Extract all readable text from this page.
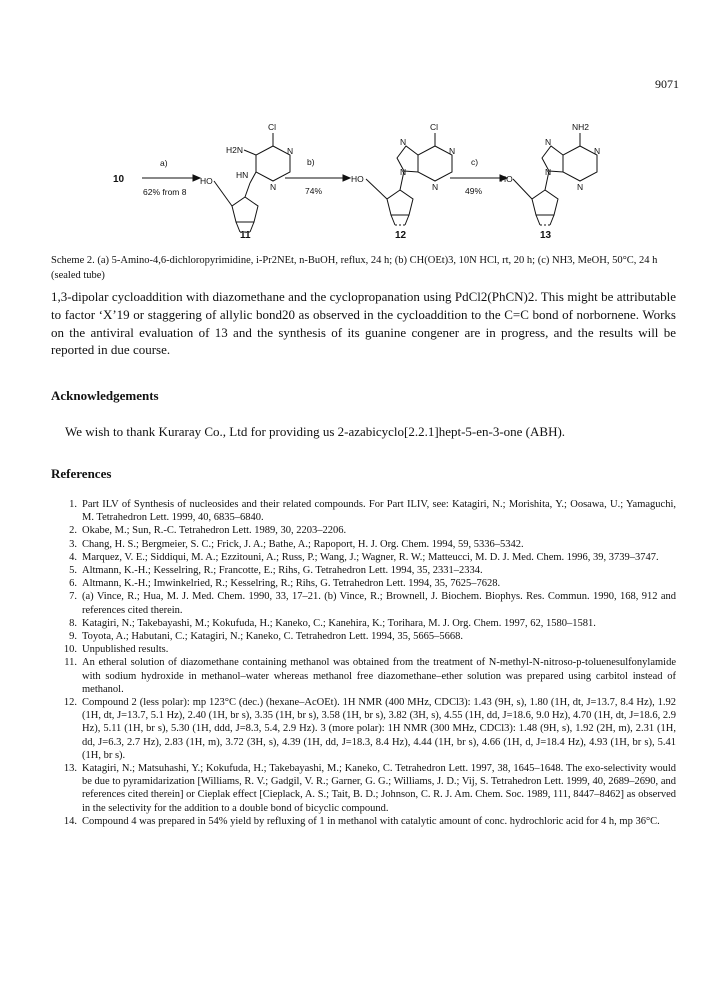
9071
10
a)
62% from 8
b)
74%
c)
49%
Cl
H2N	N
N
HN
HO
Cl
N
N
N
N
HO
NH2
N
N
N
N
HO
11	12	13
Scheme 2. (a) 5-Amino-4,6-dichloropyrimidine, i-Pr2NEt, n-BuOH, reflux, 24 h; (b) CH(OEt)3, 10N HCl, rt, 20 h; (c) NH3, MeOH, 50°C, 24 h (sealed tube)
1,3-dipolar cycloaddition with diazomethane and the cyclopropanation using PdCl2(PhCN)2. This might be attributable to factor ‘X’19 or staggering of allylic bond20 as observed in the cycloaddition to the C=C bond of norbornene. Works on the antiviral evaluation of 13 and the synthesis of its guanine congener are in progress, and the results will be reported in due course.
Acknowledgements
We wish to thank Kuraray Co., Ltd for providing us 2-azabicyclo[2.2.1]hept-5-en-3-one (ABH).
References
1. Part ILV of Synthesis of nucleosides and their related compounds. For Part ILIV, see: Katagiri, N.; Morishita, Y.; Oosawa, U.; Yamaguchi, M. Tetrahedron Lett. 1999, 40, 6835–6840.
2. Okabe, M.; Sun, R.-C. Tetrahedron Lett. 1989, 30, 2203–2206.
3. Chang, H. S.; Bergmeier, S. C.; Frick, J. A.; Bathe, A.; Rapoport, H. J. Org. Chem. 1994, 59, 5336–5342.
4. Marquez, V. E.; Siddiqui, M. A.; Ezzitouni, A.; Russ, P.; Wang, J.; Wagner, R. W.; Matteucci, M. D. J. Med. Chem. 1996, 39, 3739–3747.
5. Altmann, K.-H.; Kesselring, R.; Francotte, E.; Rihs, G. Tetrahedron Lett. 1994, 35, 2331–2334.
6. Altmann, K.-H.; Imwinkelried, R.; Kesselring, R.; Rihs, G. Tetrahedron Lett. 1994, 35, 7625–7628.
7. (a) Vince, R.; Hua, M. J. Med. Chem. 1990, 33, 17–21. (b) Vince, R.; Brownell, J. Biochem. Biophys. Res. Commun. 1990, 168, 912 and references cited therein.
8. Katagiri, N.; Takebayashi, M.; Kokufuda, H.; Kaneko, C.; Kanehira, K.; Torihara, M. J. Org. Chem. 1997, 62, 1580–1581.
9. Toyota, A.; Habutani, C.; Katagiri, N.; Kaneko, C. Tetrahedron Lett. 1994, 35, 5665–5668.
10. Unpublished results.
11. An etheral solution of diazomethane containing methanol was obtained from the treatment of N-methyl-N-nitroso-p-toluenesulfonylamide with sodium hydroxide in methanol–water whereas methanol free diazomethane–ether solution was prepared using carbitol instead of methanol.
12. Compound 2 (less polar): mp 123°C (dec.) (hexane–AcOEt). 1H NMR (400 MHz, CDCl3): 1.43 (9H, s), 1.80 (1H, dt, J=13.7, 8.4 Hz), 1.92 (1H, dt, J=13.7, 5.1 Hz), 2.40 (1H, br s), 3.35 (1H, br s), 3.58 (1H, br s), 3.82 (3H, s), 4.55 (1H, dd, J=18.6, 9.0 Hz), 4.70 (1H, dt, J=18.6, 2.9 Hz), 5.11 (1H, br s), 5.30 (1H, ddd, J=8.3, 5.4, 2.9 Hz). 3 (more polar): 1H NMR (300 MHz, CDCl3): 1.48 (9H, s), 1.92 (2H, m), 2.31 (1H, dd, J=6.3, 2.7 Hz), 2.83 (1H, m), 3.72 (3H, s), 4.39 (1H, dd, J=18.3, 8.4 Hz), 4.44 (1H, br s), 4.66 (1H, d, J=18.4 Hz), 4.93 (1H, br s), 5.41 (1H, br s).
13. Katagiri, N.; Matsuhashi, Y.; Kokufuda, H.; Takebayashi, M.; Kaneko, C. Tetrahedron Lett. 1997, 38, 1645–1648. The exo-selectivity would be due to pyramidarization [Williams, R. V.; Gadgil, V. R.; Garner, G. G.; Williams, J. D.; Vij, S. Tetrahedron Lett. 1999, 40, 2689–2690, and references cited therein] or Cieplak effect [Cieplack, A. S.; Tait, B. D.; Johnson, C. R. J. Am. Chem. Soc. 1989, 111, 8447–8462] as observed in the selectivity for the addition to a double bond of bicyclic compound.
14. Compound 4 was prepared in 54% yield by refluxing of 1 in methanol with catalytic amount of conc. hydrochloric acid for 4 h, mp 36°C.
